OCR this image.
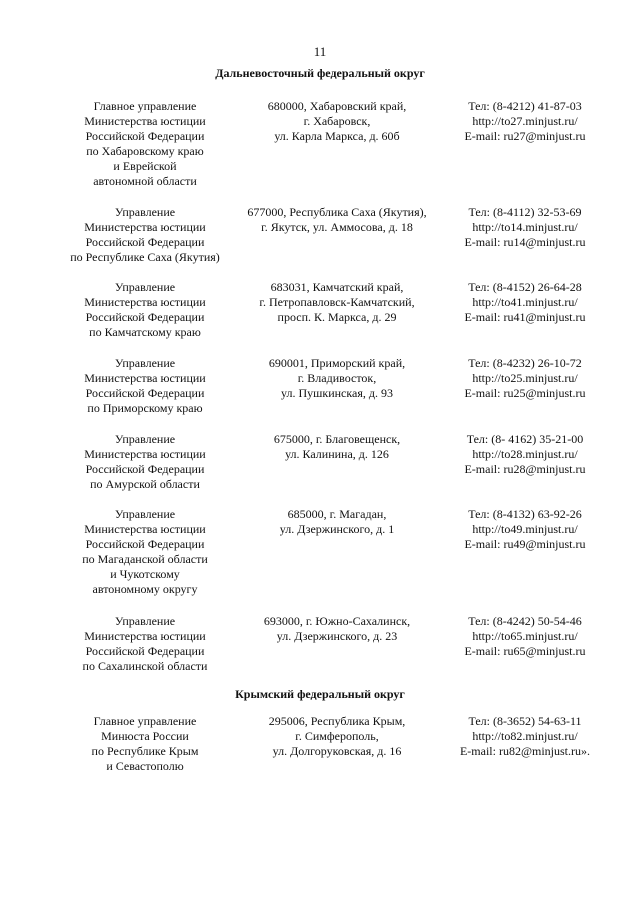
11
Дальневосточный федеральный округ
Главное управление
Министерства юстиции
Российской Федерации
по Хабаровскому краю
и Еврейской
автономной области
680000, Хабаровский край,
г. Хабаровск,
ул. Карла Маркса, д. 60б
Тел: (8-4212) 41-87-03
http://to27.minjust.ru/
E-mail: ru27@minjust.ru
Управление
Министерства юстиции
Российской Федерации
по Республике Саха (Якутия)
677000, Республика Саха (Якутия),
г. Якутск, ул. Аммосова, д. 18
Тел: (8-4112) 32-53-69
http://to14.minjust.ru/
E-mail: ru14@minjust.ru
Управление
Министерства юстиции
Российской Федерации
по Камчатскому краю
683031, Камчатский край,
г. Петропавловск-Камчатский,
просп. К. Маркса, д. 29
Тел: (8-4152) 26-64-28
http://to41.minjust.ru/
E-mail: ru41@minjust.ru
Управление
Министерства юстиции
Российской Федерации
по Приморскому краю
690001, Приморский край,
г. Владивосток,
ул. Пушкинская, д. 93
Тел: (8-4232) 26-10-72
http://to25.minjust.ru/
E-mail: ru25@minjust.ru
Управление
Министерства юстиции
Российской Федерации
по Амурской области
675000, г. Благовещенск,
ул. Калинина, д. 126
Тел: (8- 4162) 35-21-00
http://to28.minjust.ru/
E-mail: ru28@minjust.ru
Управление
Министерства юстиции
Российской Федерации
по Магаданской области
и Чукотскому
автономному округу
685000, г. Магадан,
ул. Дзержинского, д. 1
Тел: (8-4132) 63-92-26
http://to49.minjust.ru/
E-mail: ru49@minjust.ru
Управление
Министерства юстиции
Российской Федерации
по Сахалинской области
693000, г. Южно-Сахалинск,
ул. Дзержинского, д. 23
Тел: (8-4242) 50-54-46
http://to65.minjust.ru/
E-mail: ru65@minjust.ru
Крымский федеральный округ
Главное управление
Минюста России
по Республике Крым
и Севастополю
295006, Республика Крым,
г. Симферополь,
ул. Долгоруковская, д. 16
Тел: (8-3652) 54-63-11
http://to82.minjust.ru/
E-mail: ru82@minjust.ru».
